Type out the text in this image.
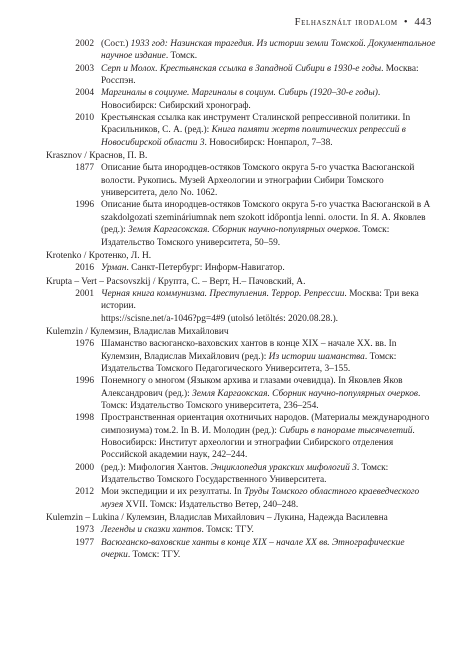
Felhasznált irodalom • 443

2002 (Сост.) 1933 год: Назинская трагедия. Из истории земли Томской. Документальное научное издание. Томск.

2003 Серп и Молох. Крестьянская ссылка в Западной Сибири в 1930-е годы. Москва: Росспэн.

2004 Маргиналы в социуме. Маргиналы в социум. Сибирь (1920–30-е годы). Новосибирск: Сибирский хронограф.

2010 Крестьянская ссылка как инструмент Сталинской репрессивной политики. In Красильников, С. А. (ред.): Книга памяти жертв политических репрессий в Новосибирской области 3. Новосибирск: Нонпарол, 7–38.

Krasznov / Краснов, П. В.

1877 Описание быта инородцев-остяков Томского округа 5-го участка Васюганской волости. Рукопись. Музей Археологии и этнографии Сибири Томского университета, дело No. 1062.

1996 Описание быта инородцев-остяков Томского округа 5-го участка Васюганской в A szakdolgozati szemináriumnak nem szokott időpontja lenni. олости. In Я. А. Яковлев (ред.): Земля Каргасокская. Сборник научно-популярных очерков. Томск: Издательство Томского университета, 50–59.

Krotenko / Кротенко, Л. Н.

2016 Урман. Санкт-Петербург: Информ-Навигатор.

Krupta – Vert – Pacsovszkij / Крупта, С. – Верт, Н.– Пачовский, А.

2001 Черная книга коммунизма. Преступления. Террор. Репрессии. Москва: Три века истории.
https://scisne.net/a-1046?pg=4#9 (utolsó letöltés: 2020.08.28.).

Kulemzin / Кулемзин, Владислав Михайлович

1976 Шаманство васюганско-ваховских хантов в конце XIX – начале XX. вв. In Кулемзин, Владислав Михайлович (ред.): Из истории шаманства. Томск: Издательства Томского Педагогического Университета, 3–155.

1996 Понемногу о многом (Языком архива и глазами очевидца). In Яковлев Яков Александрович (ред.): Земля Каргаокская. Сборник научно-популярных очерков. Томск: Издательство Томского университета, 236–254.

1998 Пространственная ориентация охотничьих народов. (Материалы международного симпозиума) том.2. In В. И. Молодин (ред.): Сибирь в панораме тысячелетий. Новосибирск: Институт археологии и этнографии Сибирского отделения Российской академии наук, 242–244.

2000 (ред.): Мифология Хантов. Энциклопедия уракских мифологий 3. Томск: Издательство Томского Государственного Университета.

2012 Мои экспедиции и их резултаты. In Труды Томского областного краеведческого музея XVII. Томск: Издательство Ветер, 240–248.

Kulemzin – Lukina / Кулемзин, Владислав Михайлович – Лукина, Надежда Василевна

1973 Легенды и сказки хантов. Томск: ТГУ.

1977 Васюганско-ваховские ханты в конце XIX – начале XX вв. Этнографические очерки. Томск: ТГУ.
